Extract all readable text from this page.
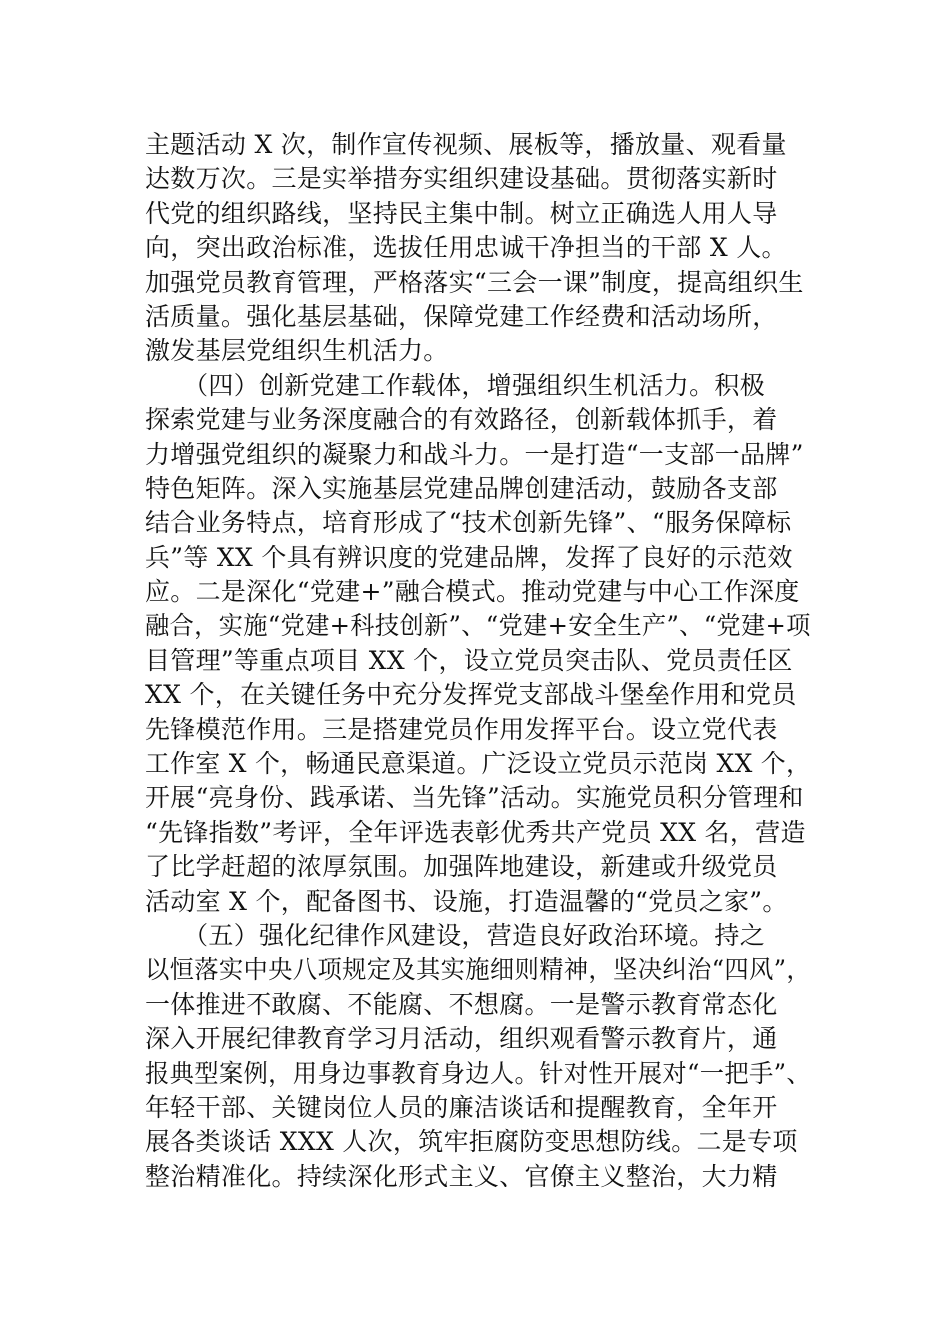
主题活动 X 次，制作宣传视频、展板等，播放量、观看量
达数万次。三是实举措夯实组织建设基础。贯彻落实新时
代党的组织路线，坚持民主集中制。树立正确选人用人导
向，突出政治标准，选拔任用忠诚干净担当的干部 X 人。
加强党员教育管理，严格落实“三会一课”制度，提高组织生
活质量。强化基层基础，保障党建工作经费和活动场所，
激发基层党组织生机活力。
　　（四）创新党建工作载体，增强组织生机活力。积极
探索党建与业务深度融合的有效路径，创新载体抓手，着
力增强党组织的凝聚力和战斗力。一是打造“一支部一品牌”
特色矩阵。深入实施基层党建品牌创建活动，鼓励各支部
结合业务特点，培育形成了“技术创新先锋”、“服务保障标
兵”等 XX 个具有辨识度的党建品牌，发挥了良好的示范效
应。二是深化“党建+”融合模式。推动党建与中心工作深度
融合，实施“党建+科技创新”、“党建+安全生产”、“党建+项
目管理”等重点项目 XX 个，设立党员突击队、党员责任区
XX 个，在关键任务中充分发挥党支部战斗堡垒作用和党员
先锋模范作用。三是搭建党员作用发挥平台。设立党代表
工作室 X 个，畅通民意渠道。广泛设立党员示范岗 XX 个，
开展“亮身份、践承诺、当先锋”活动。实施党员积分管理和
“先锋指数”考评，全年评选表彰优秀共产党员 XX 名，营造
了比学赶超的浓厚氛围。加强阵地建设，新建或升级党员
活动室 X 个，配备图书、设施，打造温馨的“党员之家”。
　　（五）强化纪律作风建设，营造良好政治环境。持之
以恒落实中央八项规定及其实施细则精神，坚决纠治“四风”，
一体推进不敢腐、不能腐、不想腐。一是警示教育常态化
深入开展纪律教育学习月活动，组织观看警示教育片，通
报典型案例，用身边事教育身边人。针对性开展对“一把手”、
年轻干部、关键岗位人员的廉洁谈话和提醒教育，全年开
展各类谈话 XXX 人次，筑牢拒腐防变思想防线。二是专项
整治精准化。持续深化形式主义、官僚主义整治，大力精
